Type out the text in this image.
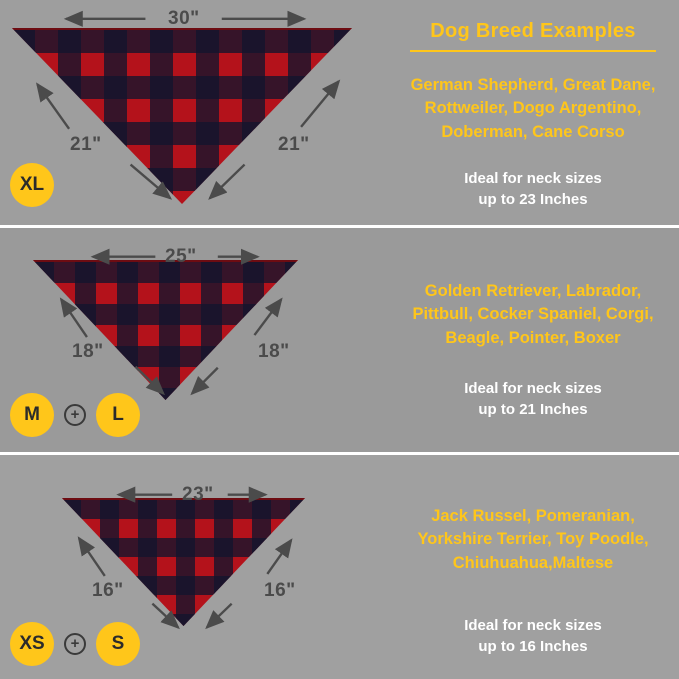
30"
21"	21"
XL
Dog Breed Examples
German Shepherd, Great Dane, Rottweiler, Dogo Argentino, Doberman, Cane Corso
Ideal for neck sizes
up to 23 Inches
25"
18"	18"
M	+	L
Golden Retriever, Labrador, Pittbull, Cocker Spaniel, Corgi, Beagle, Pointer, Boxer
Ideal for neck sizes
up to 21 Inches
23"
16"	16"
XS	+	S
Jack Russel, Pomeranian, Yorkshire Terrier, Toy Poodle, Chiuhuahua,Maltese
Ideal for neck sizes
up to 16 Inches
